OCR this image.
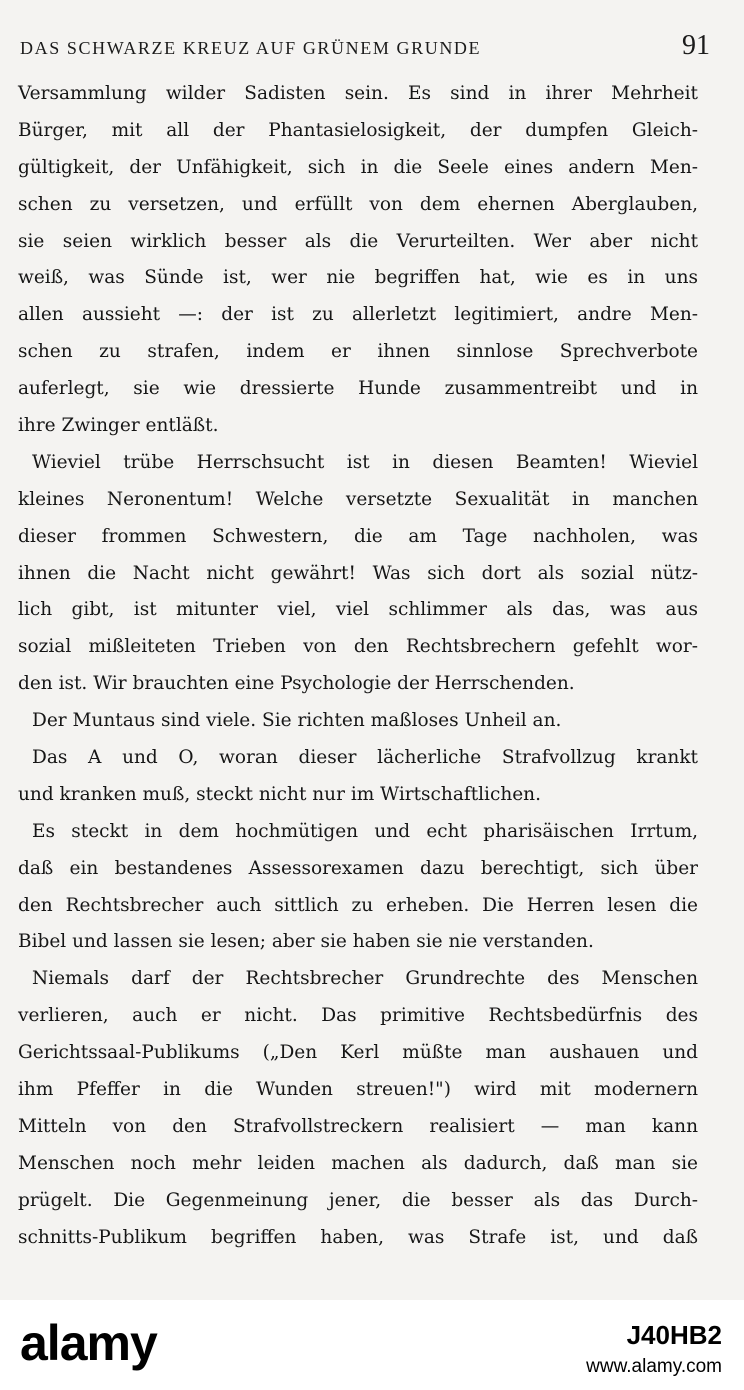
DAS SCHWARZE KREUZ AUF GRÜNEM GRUNDE	91
Versammlung wilder Sadisten sein. Es sind in ihrer Mehrheit
Bürger, mit all der Phantasielosigkeit, der dumpfen Gleich-
gültigkeit, der Unfähigkeit, sich in die Seele eines andern Men-
schen zu versetzen, und erfüllt von dem ehernen Aberglauben,
sie seien wirklich besser als die Verurteilten. Wer aber nicht
weiß, was Sünde ist, wer nie begriffen hat, wie es in uns
allen aussieht —: der ist zu allerletzt legitimiert, andre Men-
schen zu strafen, indem er ihnen sinnlose Sprechverbote
auferlegt, sie wie dressierte Hunde zusammentreibt und in
ihre Zwinger entläßt.
Wieviel trübe Herrschsucht ist in diesen Beamten! Wieviel
kleines Neronentum! Welche versetzte Sexualität in manchen
dieser frommen Schwestern, die am Tage nachholen, was
ihnen die Nacht nicht gewährt! Was sich dort als sozial nütz-
lich gibt, ist mitunter viel, viel schlimmer als das, was aus
sozial mißleiteten Trieben von den Rechtsbrechern gefehlt wor-
den ist. Wir brauchten eine Psychologie der Herrschenden.
Der Muntaus sind viele. Sie richten maßloses Unheil an.
Das A und O, woran dieser lächerliche Strafvollzug krankt
und kranken muß, steckt nicht nur im Wirtschaftlichen.
Es steckt in dem hochmütigen und echt pharisäischen Irrtum,
daß ein bestandenes Assessorexamen dazu berechtigt, sich über
den Rechtsbrecher auch sittlich zu erheben. Die Herren lesen die
Bibel und lassen sie lesen; aber sie haben sie nie verstanden.
Niemals darf der Rechtsbrecher Grundrechte des Menschen
verlieren, auch er nicht. Das primitive Rechtsbedürfnis des
Gerichtssaal-Publikums („Den Kerl müßte man aushauen und
ihm Pfeffer in die Wunden streuen!") wird mit modernern
Mitteln von den Strafvollstreckern realisiert — man kann
Menschen noch mehr leiden machen als dadurch, daß man sie
prügelt. Die Gegenmeinung jener, die besser als das Durch-
schnitts-Publikum begriffen haben, was Strafe ist, und daß
alamy	J40HB2
www.alamy.com
